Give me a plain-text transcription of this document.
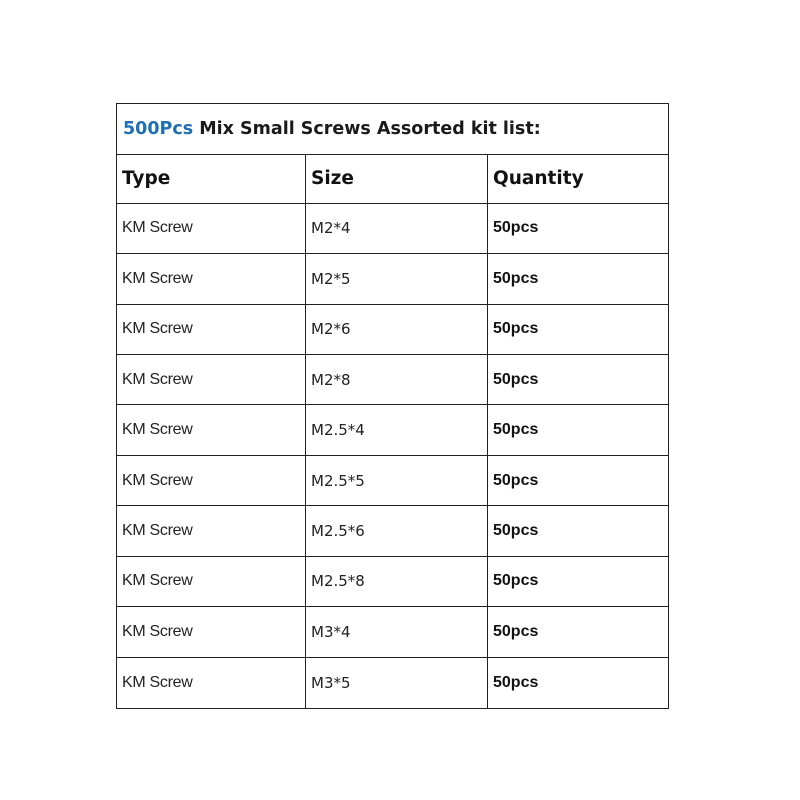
500Pcs Mix Small Screws Assorted kit list:
Type	Size	Quantity
KM Screw	M2*4	50pcs
KM Screw	M2*5	50pcs
KM Screw	M2*6	50pcs
KM Screw	M2*8	50pcs
KM Screw	M2.5*4	50pcs
KM Screw	M2.5*5	50pcs
KM Screw	M2.5*6	50pcs
KM Screw	M2.5*8	50pcs
KM Screw	M3*4	50pcs
KM Screw	M3*5	50pcs
